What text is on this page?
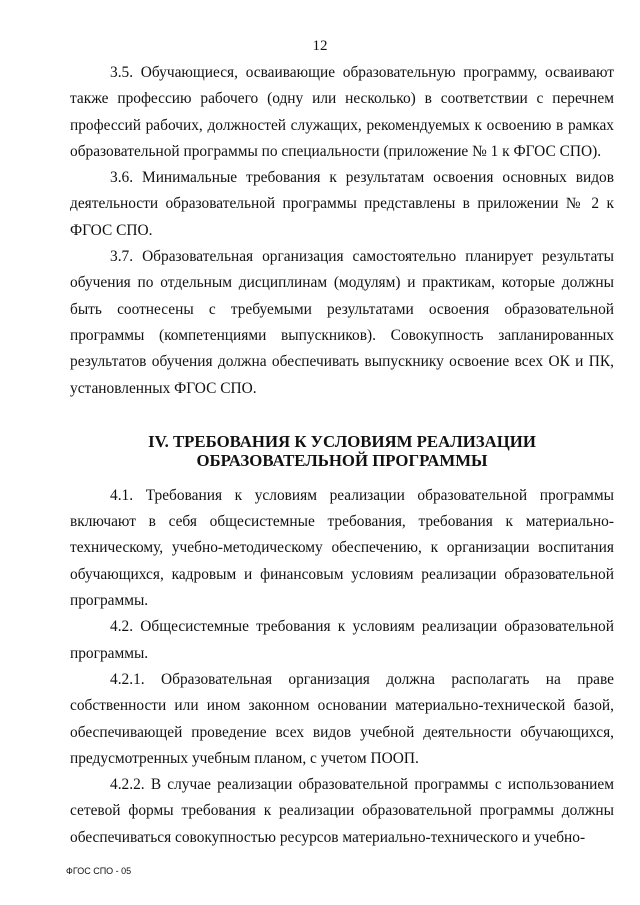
12

3.5. Обучающиеся, осваивающие образовательную программу, осваивают также профессию рабочего (одну или несколько) в соответствии с перечнем профессий рабочих, должностей служащих, рекомендуемых к освоению в рамках образовательной программы по специальности (приложение № 1 к ФГОС СПО).

3.6. Минимальные требования к результатам освоения основных видов деятельности образовательной программы представлены в приложении № 2 к ФГОС СПО.

3.7. Образовательная организация самостоятельно планирует результаты обучения по отдельным дисциплинам (модулям) и практикам, которые должны быть соотнесены с требуемыми результатами освоения образовательной программы (компетенциями выпускников). Совокупность запланированных результатов обучения должна обеспечивать выпускнику освоение всех ОК и ПК, установленных ФГОС СПО.

IV. ТРЕБОВАНИЯ К УСЛОВИЯМ РЕАЛИЗАЦИИ ОБРАЗОВАТЕЛЬНОЙ ПРОГРАММЫ

4.1. Требования к условиям реализации образовательной программы включают в себя общесистемные требования, требования к материально-техническому, учебно-методическому обеспечению, к организации воспитания обучающихся, кадровым и финансовым условиям реализации образовательной программы.

4.2. Общесистемные требования к условиям реализации образовательной программы.

4.2.1. Образовательная организация должна располагать на праве собственности или ином законном основании материально-технической базой, обеспечивающей проведение всех видов учебной деятельности обучающихся, предусмотренных учебным планом, с учетом ПООП.

4.2.2. В случае реализации образовательной программы с использованием сетевой формы требования к реализации образовательной программы должны обеспечиваться совокупностью ресурсов материально-технического и учебно-

ФГОС СПО - 05
